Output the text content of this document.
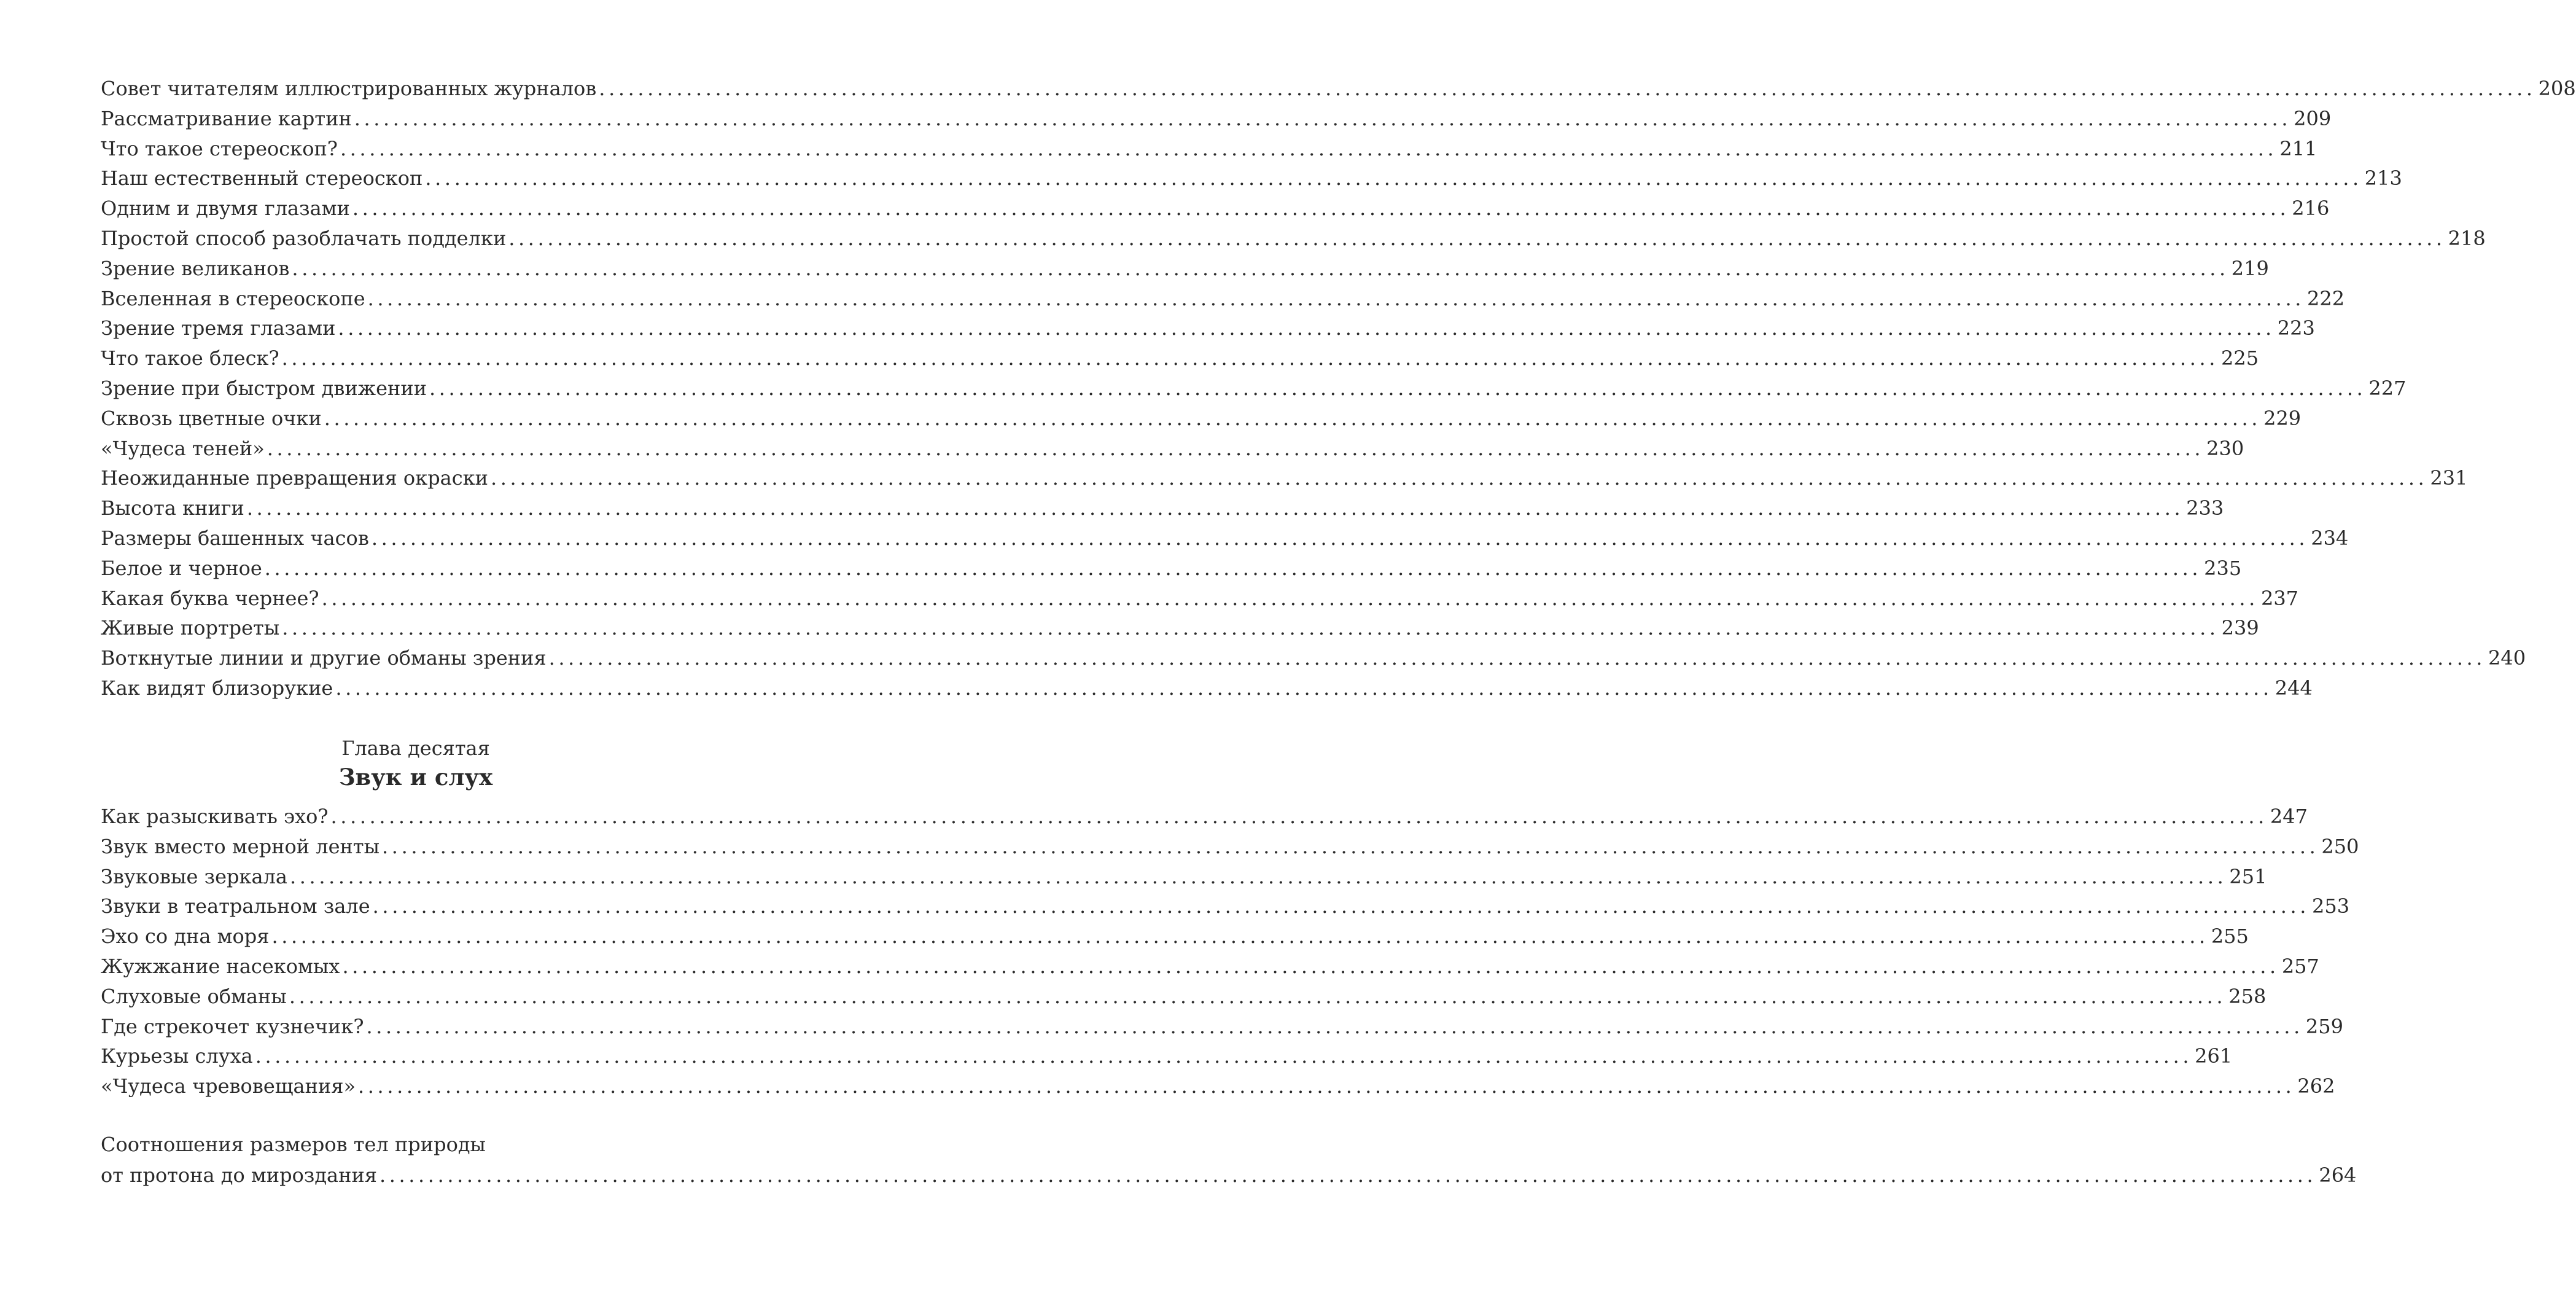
Совет читателям иллюстрированных журналов ........................................................................................................................................................................................................ 208
Рассматривание картин ........................................................................................................................................................................................................ 209
Что такое стереоскоп? ........................................................................................................................................................................................................ 211
Наш естественный стереоскоп ........................................................................................................................................................................................................ 213
Одним и двумя глазами ........................................................................................................................................................................................................ 216
Простой способ разоблачать подделки ........................................................................................................................................................................................................ 218
Зрение великанов ........................................................................................................................................................................................................ 219
Вселенная в стереоскопе ........................................................................................................................................................................................................ 222
Зрение тремя глазами ........................................................................................................................................................................................................ 223
Что такое блеск? ........................................................................................................................................................................................................ 225
Зрение при быстром движении ........................................................................................................................................................................................................ 227
Сквозь цветные очки ........................................................................................................................................................................................................ 229
«Чудеса теней» ........................................................................................................................................................................................................ 230
Неожиданные превращения окраски ........................................................................................................................................................................................................ 231
Высота книги ........................................................................................................................................................................................................ 233
Размеры башенных часов ........................................................................................................................................................................................................ 234
Белое и черное ........................................................................................................................................................................................................ 235
Какая буква чернее? ........................................................................................................................................................................................................ 237
Живые портреты ........................................................................................................................................................................................................ 239
Воткнутые линии и другие обманы зрения ........................................................................................................................................................................................................ 240
Как видят близорукие ........................................................................................................................................................................................................ 244
Глава десятая
Звук и слух
Как разыскивать эхо? ........................................................................................................................................................................................................ 247
Звук вместо мерной ленты ........................................................................................................................................................................................................ 250
Звуковые зеркала ........................................................................................................................................................................................................ 251
Звуки в театральном зале ........................................................................................................................................................................................................ 253
Эхо со дна моря ........................................................................................................................................................................................................ 255
Жужжание насекомых ........................................................................................................................................................................................................ 257
Слуховые обманы ........................................................................................................................................................................................................ 258
Где стрекочет кузнечик? ........................................................................................................................................................................................................ 259
Курьезы слуха ........................................................................................................................................................................................................ 261
«Чудеса чревовещания» ........................................................................................................................................................................................................ 262
Соотношения размеров тел природы
от протона до мироздания ........................................................................................................................................................................................................ 264
